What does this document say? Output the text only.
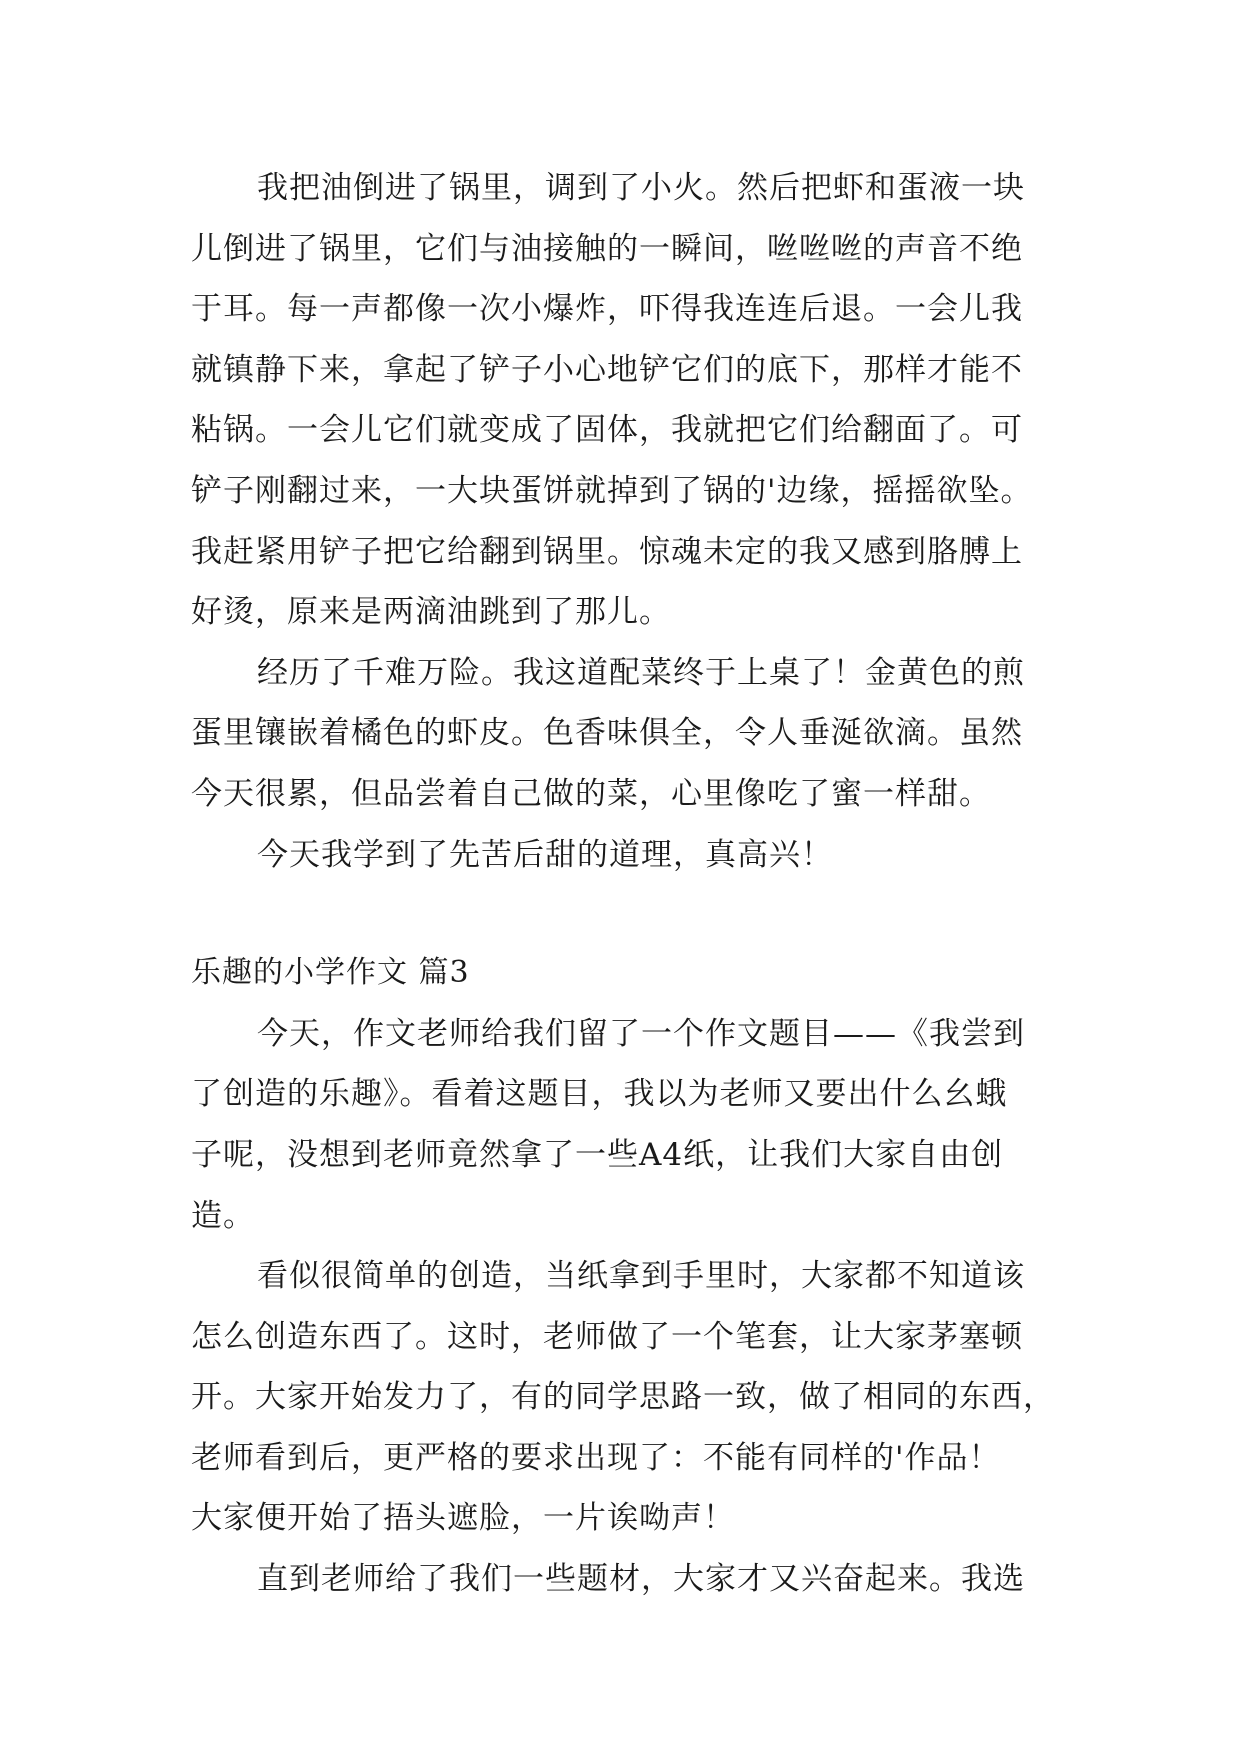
我把油倒进了锅里，调到了小火。然后把虾和蛋液一块
儿倒进了锅里，它们与油接触的一瞬间，咝咝咝的声音不绝
于耳。每一声都像一次小爆炸，吓得我连连后退。一会儿我
就镇静下来，拿起了铲子小心地铲它们的底下，那样才能不
粘锅。一会儿它们就变成了固体，我就把它们给翻面了。可
铲子刚翻过来，一大块蛋饼就掉到了锅的'边缘，摇摇欲坠。
我赶紧用铲子把它给翻到锅里。惊魂未定的我又感到胳膊上
好烫，原来是两滴油跳到了那儿。
经历了千难万险。我这道配菜终于上桌了！金黄色的煎
蛋里镶嵌着橘色的虾皮。色香味俱全，令人垂涎欲滴。虽然
今天很累，但品尝着自己做的菜，心里像吃了蜜一样甜。
今天我学到了先苦后甜的道理，真高兴！
乐趣的小学作文 篇3
今天，作文老师给我们留了一个作文题目——《我尝到
了创造的乐趣》。看着这题目，我以为老师又要出什么幺蛾
子呢，没想到老师竟然拿了一些A4纸，让我们大家自由创
造。
看似很简单的创造，当纸拿到手里时，大家都不知道该
怎么创造东西了。这时，老师做了一个笔套，让大家茅塞顿
开。大家开始发力了，有的同学思路一致，做了相同的东西，
老师看到后，更严格的要求出现了：不能有同样的'作品！
大家便开始了捂头遮脸，一片诶呦声！
直到老师给了我们一些题材，大家才又兴奋起来。我选
